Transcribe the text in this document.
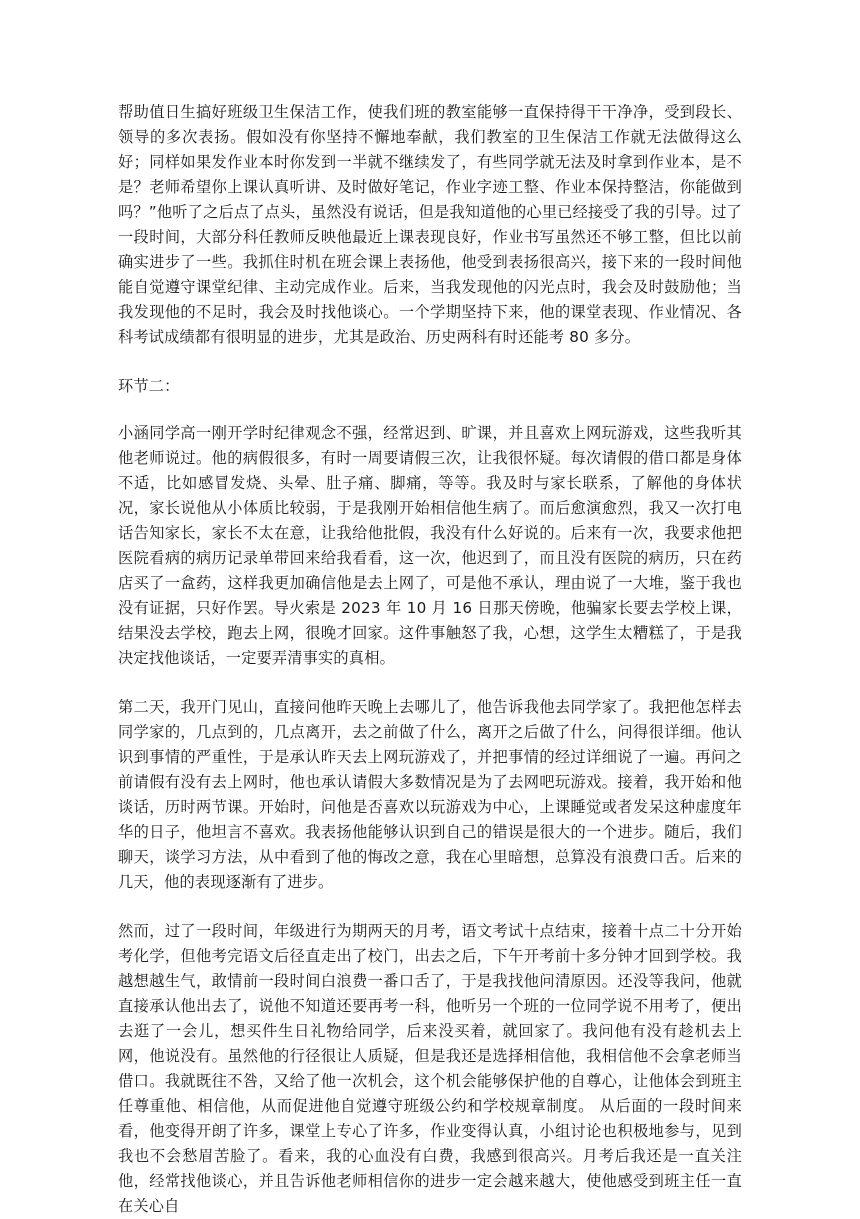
帮助值日生搞好班级卫生保洁工作，使我们班的教室能够一直保持得干干净净，受到段长、领导的多次表扬。假如没有你坚持不懈地奉献，我们教室的卫生保洁工作就无法做得这么好；同样如果发作业本时你发到一半就不继续发了，有些同学就无法及时拿到作业本，是不是？老师希望你上课认真听讲、及时做好笔记，作业字迹工整、作业本保持整洁，你能做到吗？”他听了之后点了点头，虽然没有说话，但是我知道他的心里已经接受了我的引导。过了一段时间，大部分科任教师反映他最近上课表现良好，作业书写虽然还不够工整，但比以前确实进步了一些。我抓住时机在班会课上表扬他，他受到表扬很高兴，接下来的一段时间他能自觉遵守课堂纪律、主动完成作业。后来，当我发现他的闪光点时，我会及时鼓励他；当我发现他的不足时，我会及时找他谈心。一个学期坚持下来，他的课堂表现、作业情况、各科考试成绩都有很明显的进步，尤其是政治、历史两科有时还能考 80 多分。

环节二：

小涵同学高一刚开学时纪律观念不强，经常迟到、旷课，并且喜欢上网玩游戏，这些我听其他老师说过。他的病假很多，有时一周要请假三次，让我很怀疑。每次请假的借口都是身体不适，比如感冒发烧、头晕、肚子痛、脚痛，等等。我及时与家长联系，了解他的身体状况，家长说他从小体质比较弱，于是我刚开始相信他生病了。而后愈演愈烈，我又一次打电话告知家长，家长不太在意，让我给他批假，我没有什么好说的。后来有一次，我要求他把医院看病的病历记录单带回来给我看看，这一次，他迟到了，而且没有医院的病历，只在药店买了一盒药，这样我更加确信他是去上网了，可是他不承认，理由说了一大堆，鉴于我也没有证据，只好作罢。导火索是 2023 年 10 月 16 日那天傍晚，他骗家长要去学校上课，结果没去学校，跑去上网，很晚才回家。这件事触怒了我，心想，这学生太糟糕了，于是我决定找他谈话，一定要弄清事实的真相。

第二天，我开门见山，直接问他昨天晚上去哪儿了，他告诉我他去同学家了。我把他怎样去同学家的，几点到的，几点离开，去之前做了什么，离开之后做了什么，问得很详细。他认识到事情的严重性，于是承认昨天去上网玩游戏了，并把事情的经过详细说了一遍。再问之前请假有没有去上网时，他也承认请假大多数情况是为了去网吧玩游戏。接着，我开始和他谈话，历时两节课。开始时，问他是否喜欢以玩游戏为中心，上课睡觉或者发呆这种虚度年华的日子，他坦言不喜欢。我表扬他能够认识到自己的错误是很大的一个进步。随后，我们聊天，谈学习方法，从中看到了他的悔改之意，我在心里暗想，总算没有浪费口舌。后来的几天，他的表现逐渐有了进步。

然而，过了一段时间，年级进行为期两天的月考，语文考试十点结束，接着十点二十分开始考化学，但他考完语文后径直走出了校门，出去之后，下午开考前十多分钟才回到学校。我越想越生气，敢情前一段时间白浪费一番口舌了，于是我找他问清原因。还没等我问，他就直接承认他出去了，说他不知道还要再考一科，他听另一个班的一位同学说不用考了，便出去逛了一会儿，想买件生日礼物给同学，后来没买着，就回家了。我问他有没有趁机去上网，他说没有。虽然他的行径很让人质疑，但是我还是选择相信他，我相信他不会拿老师当借口。我就既往不咎，又给了他一次机会，这个机会能够保护他的自尊心，让他体会到班主任尊重他、相信他，从而促进他自觉遵守班级公约和学校规章制度。 从后面的一段时间来看，他变得开朗了许多，课堂上专心了许多，作业变得认真，小组讨论也积极地参与，见到我也不会愁眉苦脸了。看来，我的心血没有白费，我感到很高兴。月考后我还是一直关注他，经常找他谈心，并且告诉他老师相信你的进步一定会越来越大，使他感受到班主任一直在关心自
